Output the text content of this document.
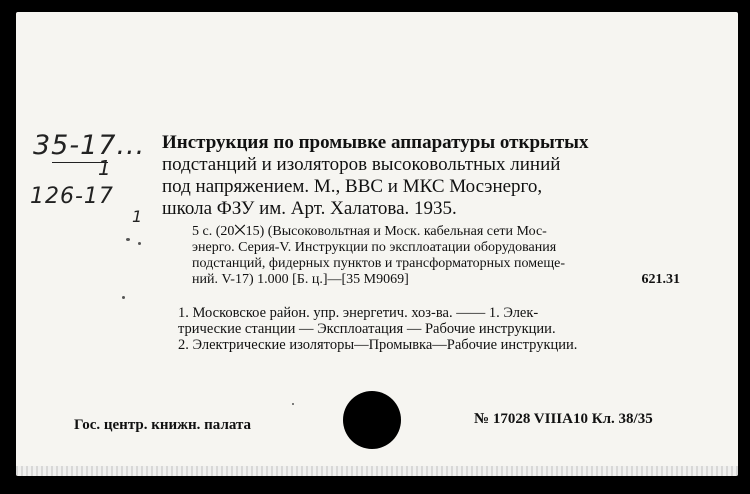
35-17...
1
126-17
1
Инструкция по промывке аппаратуры открытых
подстанций и изоляторов высоковольтных линий
под напряжением. М., ВВС и МКС Мосэнерго,
школа ФЗУ им. Арт. Халатова. 1935.
5 с. (20⨉15) (Высоковольтная и Моск. кабельная сети Мос-
энерго. Серия-V. Инструкции по эксплоатации оборудования
подстанций, фидерных пунктов и трансформаторных помеще-
ний. V-17) 1.000 [Б. ц.]—[35 М9069]	621.31
1. Московское район. упр. энергетич. хоз-ва. —— 1. Элек-
трические станции — Эксплоатация — Рабочие инструкции.
2. Электрические изоляторы—Промывка—Рабочие инструкции.
Гос. центр. книжн. палата	№ 17028 VIIIA10 Кл. 38/35
